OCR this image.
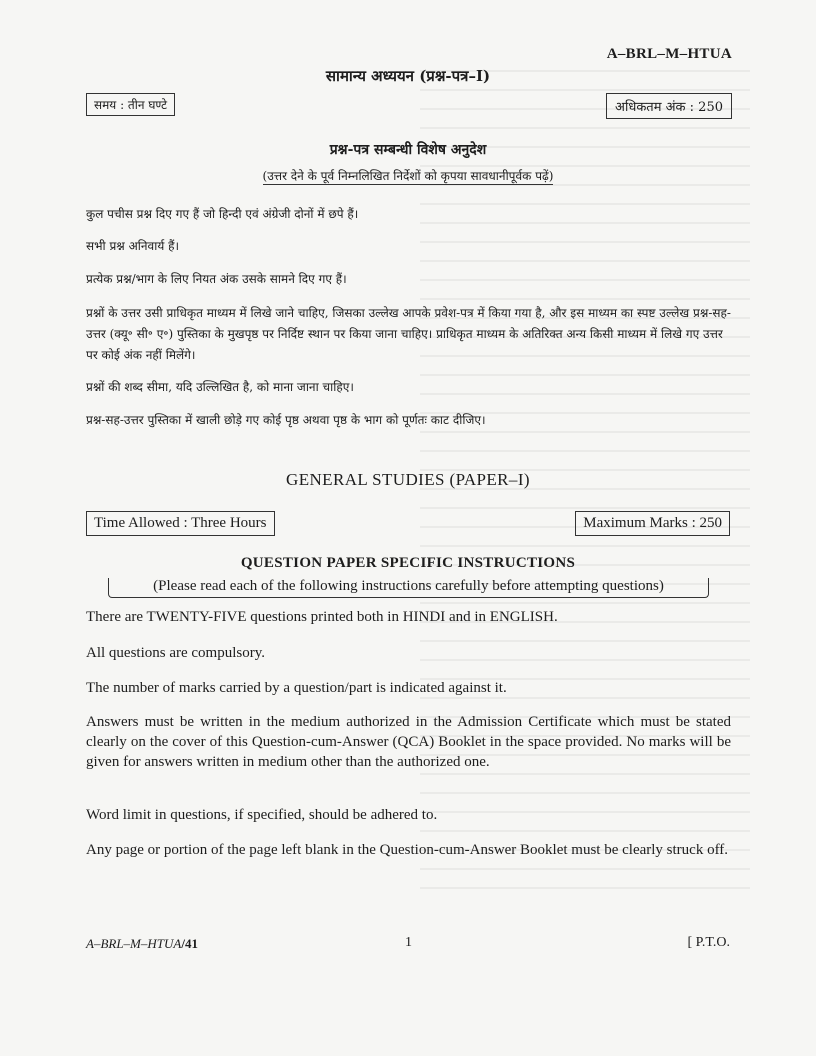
A–BRL–M–HTUA
सामान्य अध्ययन (प्रश्न-पत्र–I)
समय : तीन घण्टे	अधिकतम अंक : 250
प्रश्न-पत्र सम्बन्धी विशेष अनुदेश
(उत्तर देने के पूर्व निम्नलिखित निर्देशों को कृपया सावधानीपूर्वक पढ़ें)

कुल पचीस प्रश्न दिए गए हैं जो हिन्दी एवं अंग्रेजी दोनों में छपे हैं।

सभी प्रश्न अनिवार्य हैं।

प्रत्येक प्रश्न/भाग के लिए नियत अंक उसके सामने दिए गए हैं।

प्रश्नों के उत्तर उसी प्राधिकृत माध्यम में लिखे जाने चाहिए, जिसका उल्लेख आपके प्रवेश-पत्र में किया गया है, और इस माध्यम का स्पष्ट उल्लेख प्रश्न-सह-उत्तर (क्यू॰ सी॰ ए॰) पुस्तिका के मुखपृष्ठ पर निर्दिष्ट स्थान पर किया जाना चाहिए। प्राधिकृत माध्यम के अतिरिक्त अन्य किसी माध्यम में लिखे गए उत्तर पर कोई अंक नहीं मिलेंगे।

प्रश्नों की शब्द सीमा, यदि उल्लिखित है, को माना जाना चाहिए।

प्रश्न-सह-उत्तर पुस्तिका में खाली छोड़े गए कोई पृष्ठ अथवा पृष्ठ के भाग को पूर्णतः काट दीजिए।

GENERAL STUDIES (PAPER–I)
Time Allowed : Three Hours	Maximum Marks : 250
QUESTION PAPER SPECIFIC INSTRUCTIONS
(Please read each of the following instructions carefully before attempting questions)

There are TWENTY-FIVE questions printed both in HINDI and in ENGLISH.

All questions are compulsory.

The number of marks carried by a question/part is indicated against it.

Answers must be written in the medium authorized in the Admission Certificate which must be stated clearly on the cover of this Question-cum-Answer (QCA) Booklet in the space provided. No marks will be given for answers written in medium other than the authorized one.

Word limit in questions, if specified, should be adhered to.

Any page or portion of the page left blank in the Question-cum-Answer Booklet must be clearly struck off.

A–BRL–M–HTUA/41	1	[ P.T.O.
